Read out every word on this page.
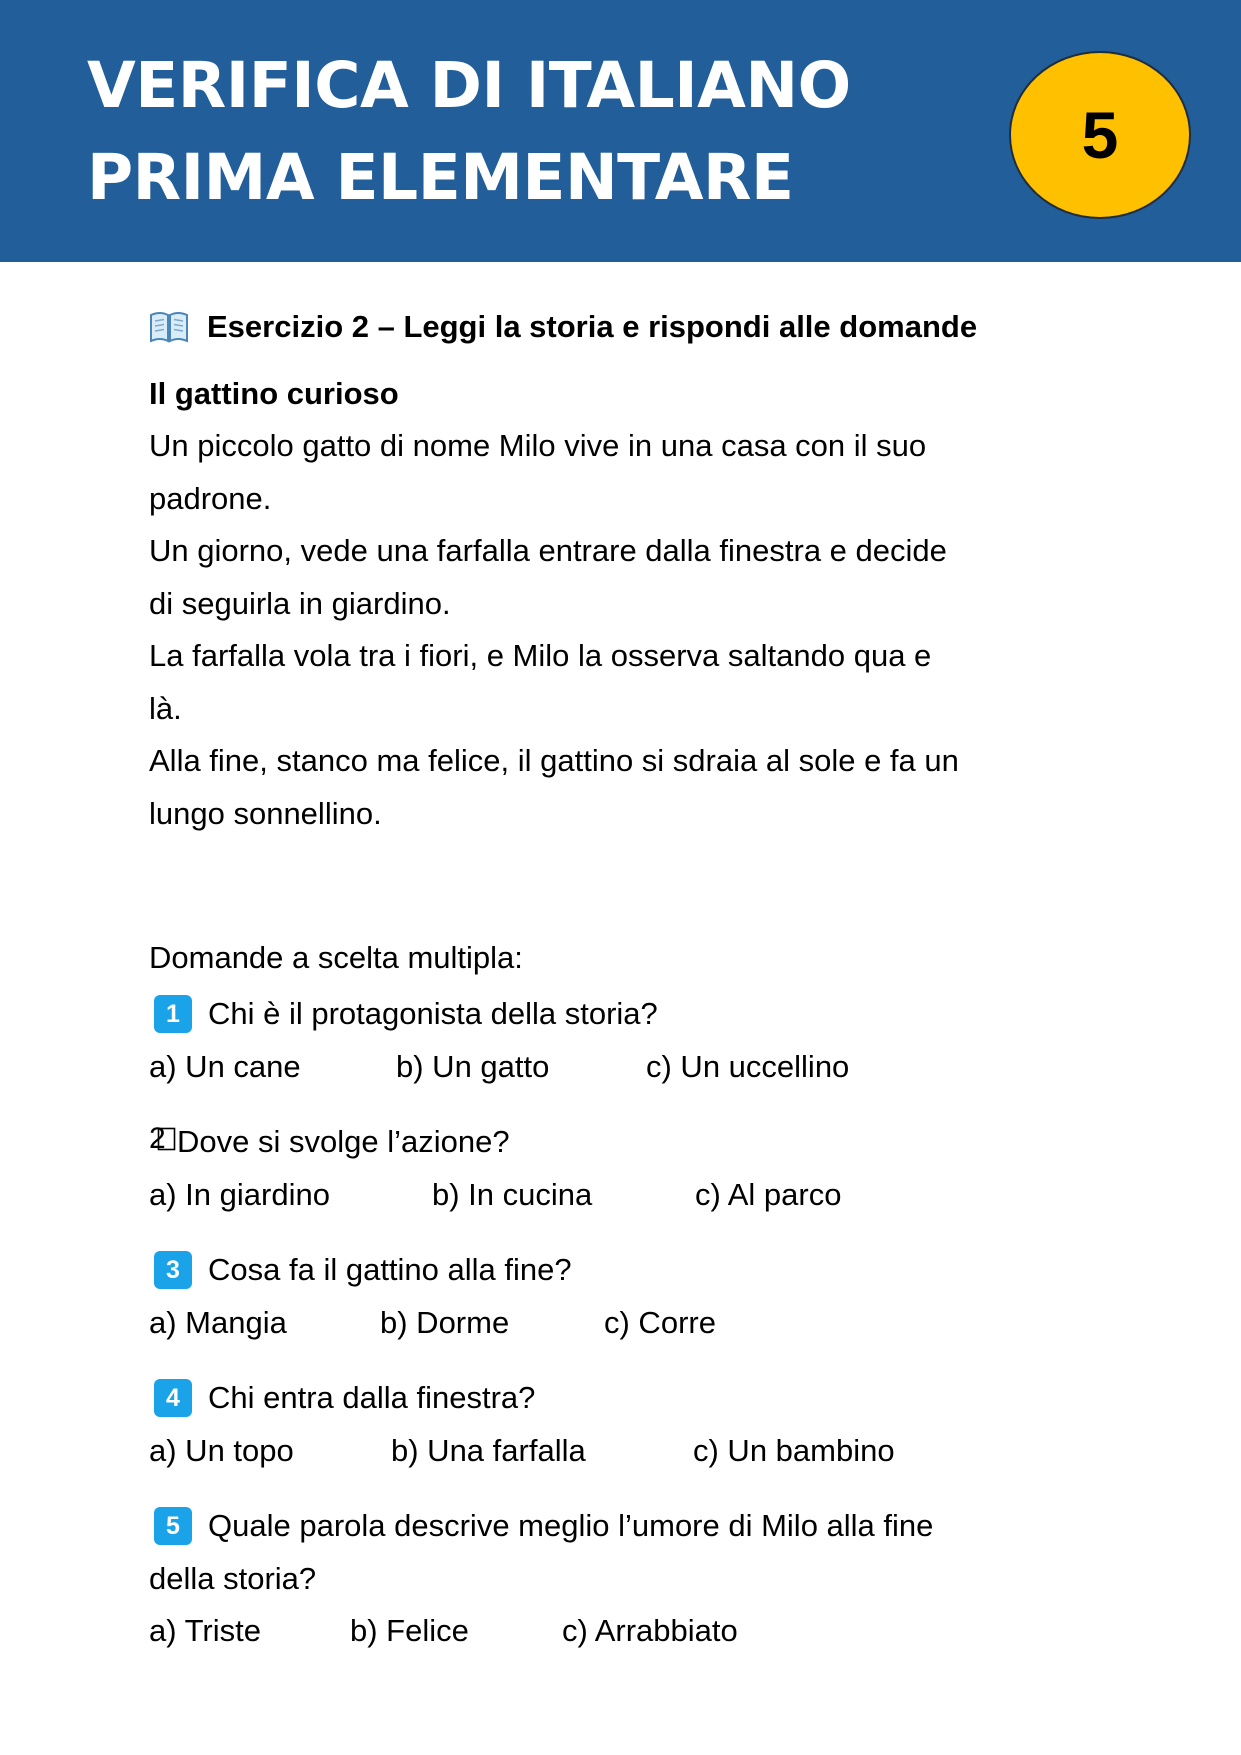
VERIFICA DI ITALIANO
PRIMA ELEMENTARE
5
Esercizio 2 – Leggi la storia e rispondi alle domande
Il gattino curioso

Un piccolo gatto di nome Milo vive in una casa con il suo

padrone.

Un giorno, vede una farfalla entrare dalla finestra e decide

di seguirla in giardino.

La farfalla vola tra i fiori, e Milo la osserva saltando qua e

là.

Alla fine, stanco ma felice, il gattino si sdraia al sole e fa un

lungo sonnellino.

Domande a scelta multipla:
1 Chi è il protagonista della storia?
a) Un cane	b) Un gatto	c) Un uccellino
2 Dove si svolge l’azione?
a) In giardino	b) In cucina	c) Al parco
3 Cosa fa il gattino alla fine?
a) Mangia	b) Dorme	c) Corre
4 Chi entra dalla finestra?
a) Un topo	b) Una farfalla	c) Un bambino
5 Quale parola descrive meglio l’umore di Milo alla fine
della storia?
a) Triste	b) Felice	c) Arrabbiato
